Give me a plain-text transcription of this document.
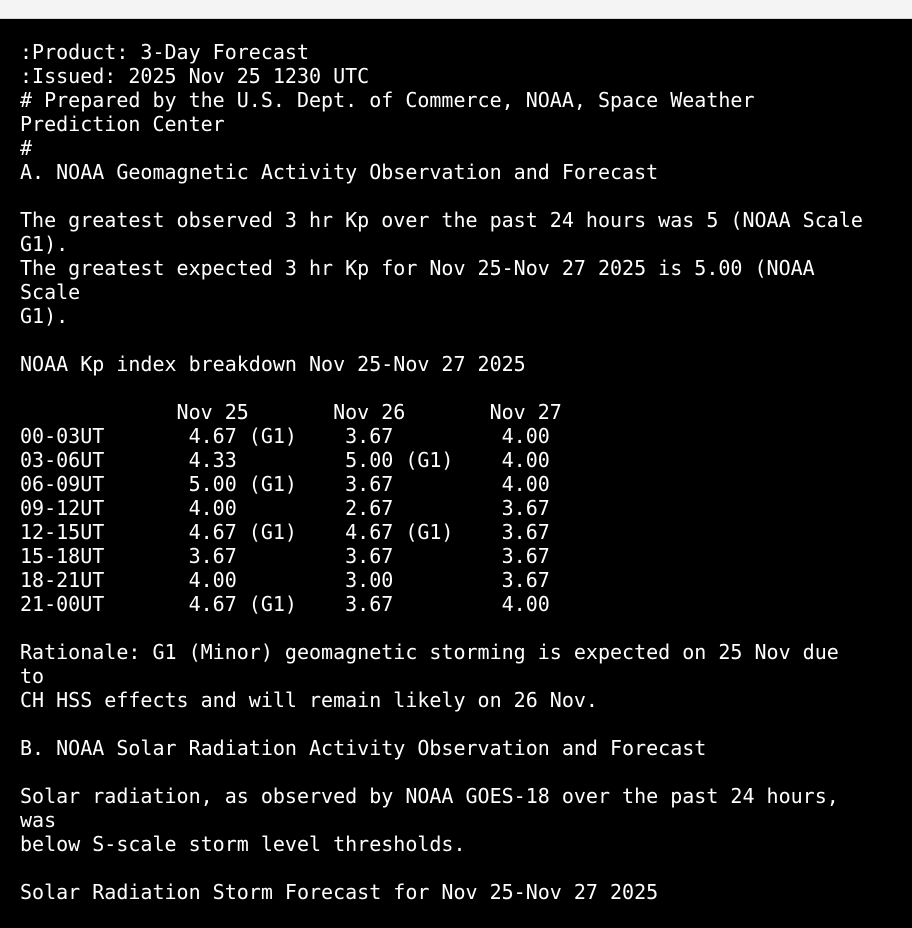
:Product: 3-Day Forecast
:Issued: 2025 Nov 25 1230 UTC
# Prepared by the U.S. Dept. of Commerce, NOAA, Space Weather
Prediction Center
#
A. NOAA Geomagnetic Activity Observation and Forecast
The greatest observed 3 hr Kp over the past 24 hours was 5 (NOAA Scale
G1).
The greatest expected 3 hr Kp for Nov 25-Nov 27 2025 is 5.00 (NOAA
Scale
G1).
NOAA Kp index breakdown Nov 25-Nov 27 2025
Nov 25       Nov 26       Nov 27
00-03UT       4.67 (G1)    3.67         4.00
03-06UT       4.33         5.00 (G1)    4.00
06-09UT       5.00 (G1)    3.67         4.00
09-12UT       4.00         2.67         3.67
12-15UT       4.67 (G1)    4.67 (G1)    3.67
15-18UT       3.67         3.67         3.67
18-21UT       4.00         3.00         3.67
21-00UT       4.67 (G1)    3.67         4.00
Rationale: G1 (Minor) geomagnetic storming is expected on 25 Nov due
to
CH HSS effects and will remain likely on 26 Nov.
B. NOAA Solar Radiation Activity Observation and Forecast
Solar radiation, as observed by NOAA GOES-18 over the past 24 hours,
was
below S-scale storm level thresholds.
Solar Radiation Storm Forecast for Nov 25-Nov 27 2025
